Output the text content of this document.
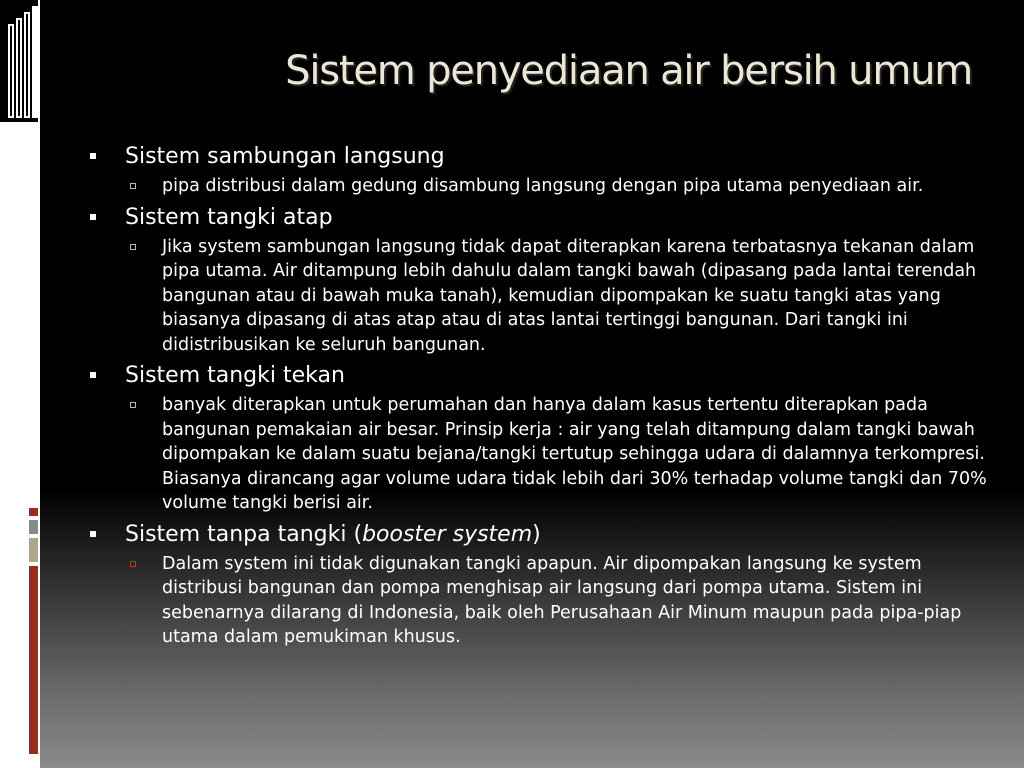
Sistem penyediaan air bersih umum
Sistem sambungan langsung
pipa distribusi dalam gedung disambung langsung dengan pipa utama penyediaan air.
Sistem tangki atap
Jika system sambungan langsung tidak dapat diterapkan karena terbatasnya tekanan dalam pipa utama. Air ditampung lebih dahulu dalam tangki bawah (dipasang pada lantai terendah bangunan atau di bawah muka tanah), kemudian dipompakan ke suatu tangki atas yang biasanya dipasang di atas atap atau di atas lantai tertinggi bangunan. Dari tangki ini didistribusikan ke seluruh bangunan.
Sistem tangki tekan
banyak diterapkan untuk perumahan dan hanya dalam kasus tertentu diterapkan pada bangunan pemakaian air besar. Prinsip kerja : air yang telah ditampung dalam tangki bawah dipompakan ke dalam suatu bejana/tangki tertutup sehingga udara di dalamnya terkompresi. Biasanya dirancang agar volume udara tidak lebih dari 30% terhadap volume tangki dan 70% volume tangki berisi air.
Sistem tanpa tangki (booster system)
Dalam system ini tidak digunakan tangki apapun. Air dipompakan langsung ke system distribusi bangunan dan pompa menghisap air langsung dari pompa utama. Sistem ini sebenarnya dilarang di Indonesia, baik oleh Perusahaan Air Minum maupun pada pipa-piap utama dalam pemukiman khusus.
